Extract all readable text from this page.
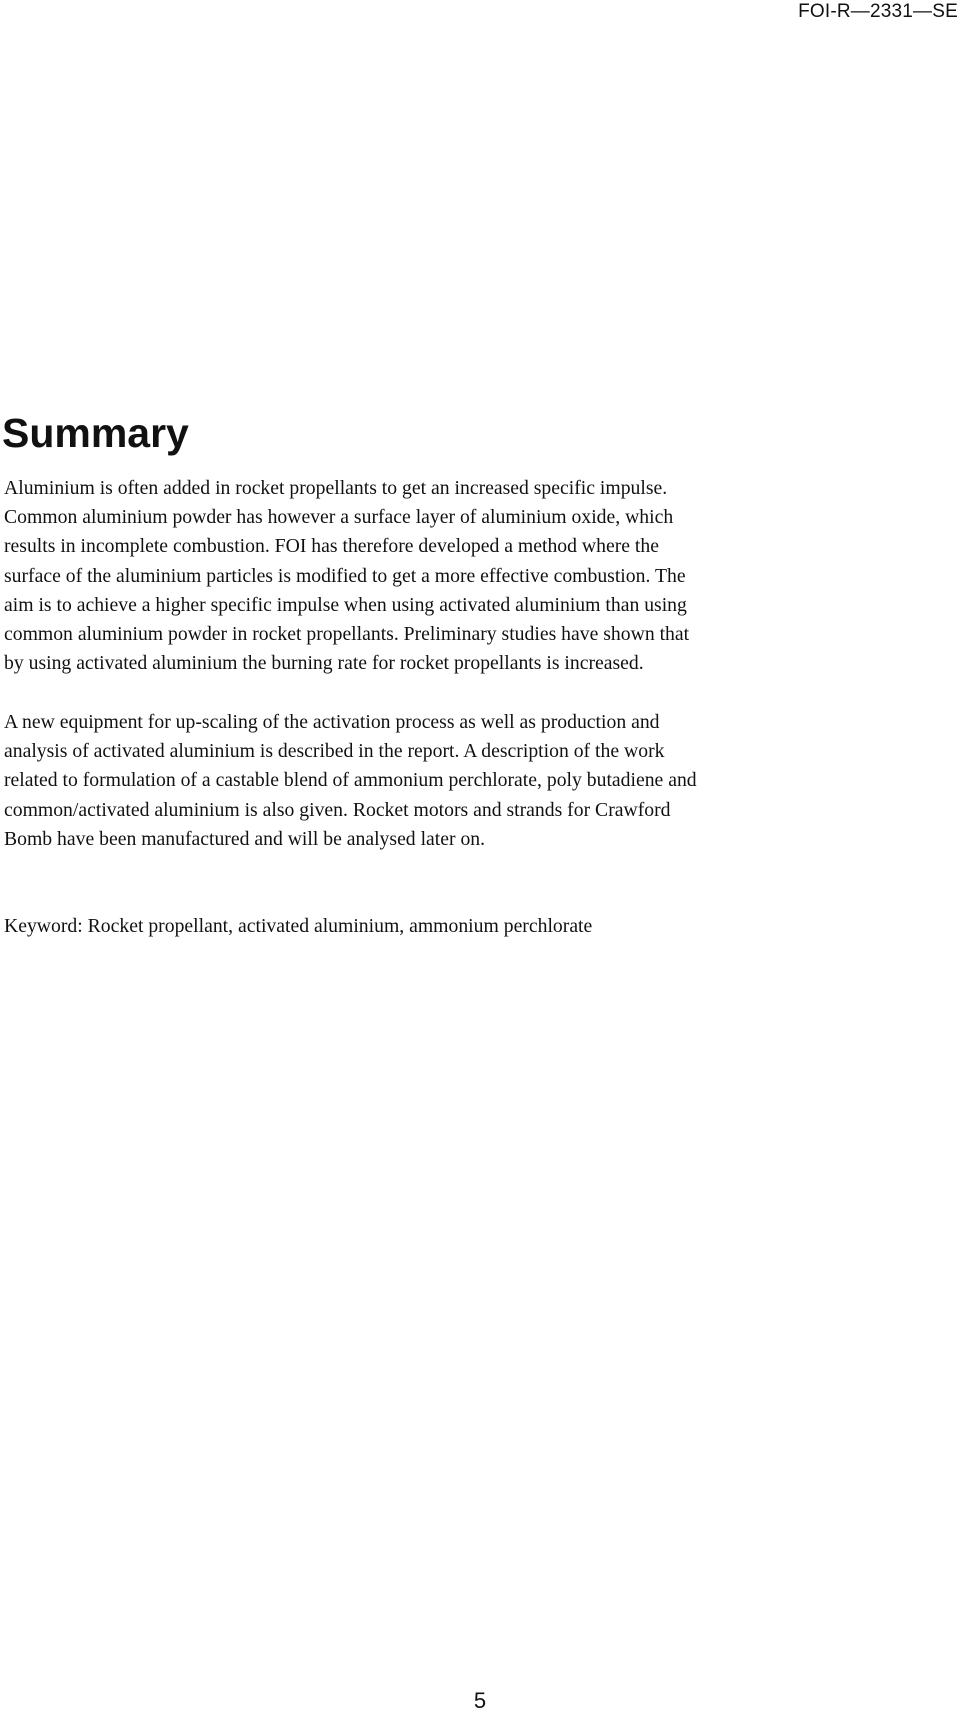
FOI-R—2331—SE
Summary

Aluminium is often added in rocket propellants to get an increased specific impulse.
Common aluminium powder has however a surface layer of aluminium oxide, which
results in incomplete combustion. FOI has therefore developed a method where the
surface of the aluminium particles is modified to get a more effective combustion. The
aim is to achieve a higher specific impulse when using activated aluminium than using
common aluminium powder in rocket propellants. Preliminary studies have shown that
by using activated aluminium the burning rate for rocket propellants is increased.

A new equipment for up-scaling of the activation process as well as production and
analysis of activated aluminium is described in the report. A description of the work
related to formulation of a castable blend of ammonium perchlorate, poly butadiene and
common/activated aluminium is also given. Rocket motors and strands for Crawford
Bomb have been manufactured and will be analysed later on.

Keyword: Rocket propellant, activated aluminium, ammonium perchlorate

5
